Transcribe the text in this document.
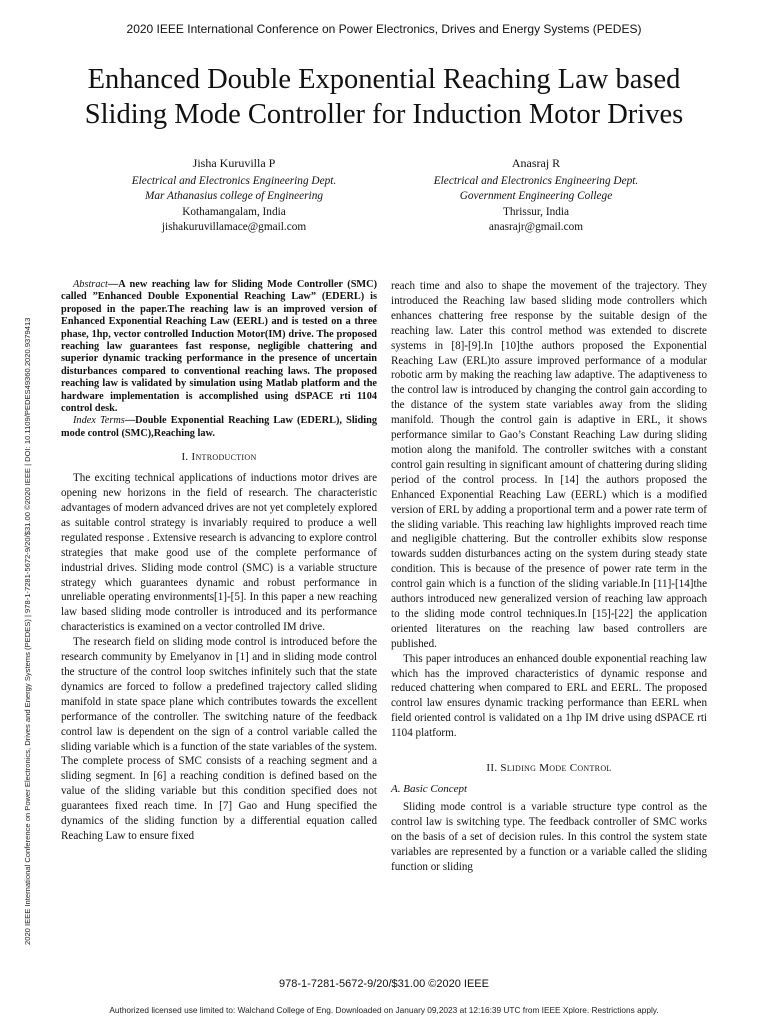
2020 IEEE International Conference on Power Electronics, Drives and Energy Systems (PEDES)
2020 IEEE International Conference on Power Electronics, Drives and Energy Systems (PEDES) | 978-1-7281-5672-9/20/$31.00 ©2020 IEEE | DOI: 10.1109/PEDES49360.2020.9379413
Enhanced Double Exponential Reaching Law based
Sliding Mode Controller for Induction Motor Drives
Jisha Kuruvilla P
Electrical and Electronics Engineering Dept.
Mar Athanasius college of Engineering
Kothamangalam, India
jishakuruvillamace@gmail.com
Anasraj R
Electrical and Electronics Engineering Dept.
Government Engineering College
Thrissur, India
anasrajr@gmail.com

Abstract—A new reaching law for Sliding Mode Controller (SMC) called ”Enhanced Double Exponential Reaching Law” (EDERL) is proposed in the paper.The reaching law is an improved version of Enhanced Exponential Reaching Law (EERL) and is tested on a three phase, 1hp, vector controlled Induction Motor(IM) drive. The proposed reaching law guarantees fast response, negligible chattering and superior dynamic tracking performance in the presence of uncertain disturbances compared to conventional reaching laws. The proposed reaching law is validated by simulation using Matlab platform and the hardware implementation is accomplished using dSPACE rti 1104 control desk.

Index Terms—Double Exponential Reaching Law (EDERL), Sliding mode control (SMC),Reaching law.

I. Introduction

The exciting technical applications of inductions motor drives are opening new horizons in the field of research. The characteristic advantages of modern advanced drives are not yet completely explored as suitable control strategy is invariably required to produce a well regulated response . Extensive research is advancing to explore control strategies that make good use of the complete performance of industrial drives. Sliding mode control (SMC) is a variable structure strategy which guarantees dynamic and robust performance in unreliable operating environments[1]-[5]. In this paper a new reaching law based sliding mode controller is introduced and its performance characteristics is examined on a vector controlled IM drive.

The research field on sliding mode control is introduced before the research community by Emelyanov in [1] and in sliding mode control the structure of the control loop switches infinitely such that the state dynamics are forced to follow a predefined trajectory called sliding manifold in state space plane which contributes towards the excellent performance of the controller. The switching nature of the feedback control law is dependent on the sign of a control variable called the sliding variable which is a function of the state variables of the system. The complete process of SMC consists of a reaching segment and a sliding segment. In [6] a reaching condition is defined based on the value of the sliding variable but this condition specified does not guarantees fixed reach time. In [7] Gao and Hung specified the dynamics of the sliding function by a differential equation called Reaching Law to ensure fixed

reach time and also to shape the movement of the trajectory. They introduced the Reaching law based sliding mode controllers which enhances chattering free response by the suitable design of the reaching law. Later this control method was extended to discrete systems in [8]-[9].In [10]the authors proposed the Exponential Reaching Law (ERL)to assure improved performance of a modular robotic arm by making the reaching law adaptive. The adaptiveness to the control law is introduced by changing the control gain according to the distance of the system state variables away from the sliding manifold. Though the control gain is adaptive in ERL, it shows performance similar to Gao’s Constant Reaching Law during sliding motion along the manifold. The controller switches with a constant control gain resulting in significant amount of chattering during sliding period of the control process. In [14] the authors proposed the Enhanced Exponential Reaching Law (EERL) which is a modified version of ERL by adding a proportional term and a power rate term of the sliding variable. This reaching law highlights improved reach time and negligible chattering. But the controller exhibits slow response towards sudden disturbances acting on the system during steady state condition. This is because of the presence of power rate term in the control gain which is a function of the sliding variable.In [11]-[14]the authors introduced new generalized version of reaching law approach to the sliding mode control techniques.In [15]-[22] the application oriented literatures on the reaching law based controllers are published.

This paper introduces an enhanced double exponential reaching law which has the improved characteristics of dynamic response and reduced chattering when compared to ERL and EERL. The proposed control law ensures dynamic tracking performance than EERL when field oriented control is validated on a 1hp IM drive using dSPACE rti 1104 platform.

II. Sliding Mode Control
A. Basic Concept

Sliding mode control is a variable structure type control as the control law is switching type. The feedback controller of SMC works on the basis of a set of decision rules. In this control the system state variables are represented by a function or a variable called the sliding function or sliding

978-1-7281-5672-9/20/$31.00 ©2020 IEEE
Authorized licensed use limited to: Walchand College of Eng. Downloaded on January 09,2023 at 12:16:39 UTC from IEEE Xplore. Restrictions apply.
